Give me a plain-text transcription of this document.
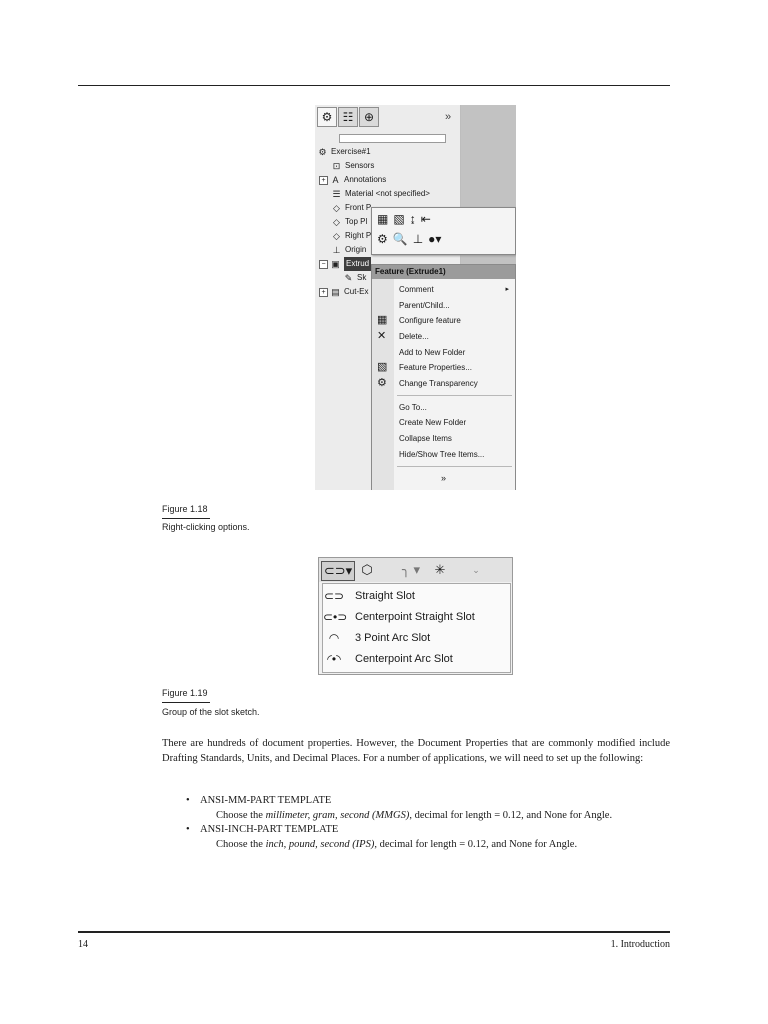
14	1. Introduction
⚙ ☷ ⊕	»
⚙ Exercise#1
⊡ Sensors
+ A Annotations
☰ Material <not specified>
◇ Front P
◇ Top Pl
◇ Right P
⊥ Origin
− ▣ Extrud
✎ Sk
+ ▤ Cut-Ex
▦ ▧ ↨ ⇤
⚙ 🔍 ⊥ ●▾
Feature (Extrude1)
Comment	▸
Parent/Child...
▦ Configure feature
✕ Delete...
Add to New Folder
▧ Feature Properties...
⚙ Change Transparency
Go To...
Create New Folder
Collapse Items
Hide/Show Tree Items...
»
Figure 1.18
Right-clicking options.
⊂⊃▾ ⬡	╮ ▾	✳	⌄
⊂⊃ Straight Slot
⊂•⊃ Centerpoint Straight Slot
◜◝	3 Point Arc Slot
◜•◝	Centerpoint Arc Slot
Figure 1.19
Group of the slot sketch.

There are hundreds of document properties. However, the Document Properties that are commonly modified include Drafting Standards, Units, and Decimal Places. For a number of applications, we will need to set up the following:

• ANSI-MM-PART TEMPLATE
Choose the millimeter, gram, second (MMGS), decimal for length = 0.12, and None for Angle.
• ANSI-INCH-PART TEMPLATE
Choose the inch, pound, second (IPS), decimal for length = 0.12, and None for Angle.
